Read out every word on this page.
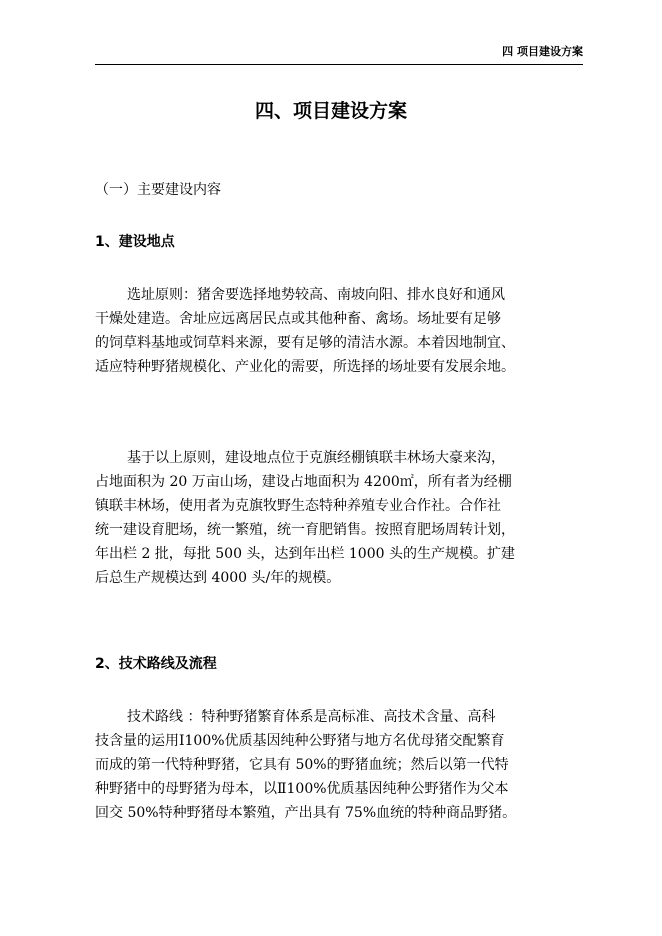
四 项目建设方案
四、项目建设方案
（一）主要建设内容
1、建设地点
选址原则：猪舍要选择地势较高、南坡向阳、排水良好和通风
干燥处建造。舍址应远离居民点或其他种畜、禽场。场址要有足够
的饲草料基地或饲草料来源，要有足够的清洁水源。本着因地制宜、
适应特种野猪规模化、产业化的需要，所选择的场址要有发展余地。
基于以上原则，建设地点位于克旗经棚镇联丰林场大豪来沟，
占地面积为 20 万亩山场，建设占地面积为 4200㎡，所有者为经棚
镇联丰林场，使用者为克旗牧野生态特种养殖专业合作社。合作社
统一建设育肥场，统一繁殖，统一育肥销售。按照育肥场周转计划，
年出栏 2 批，每批 500 头，达到年出栏 1000 头的生产规模。扩建
后总生产规模达到 4000 头/年的规模。
2、技术路线及流程
技术路线 ：特种野猪繁育体系是高标准、高技术含量、高科
技含量的运用Ⅰ100%优质基因纯种公野猪与地方名优母猪交配繁育
而成的第一代特种野猪，它具有 50%的野猪血统；然后以第一代特
种野猪中的母野猪为母本，以Ⅱ100%优质基因纯种公野猪作为父本
回交 50%特种野猪母本繁殖，产出具有 75%血统的特种商品野猪。
